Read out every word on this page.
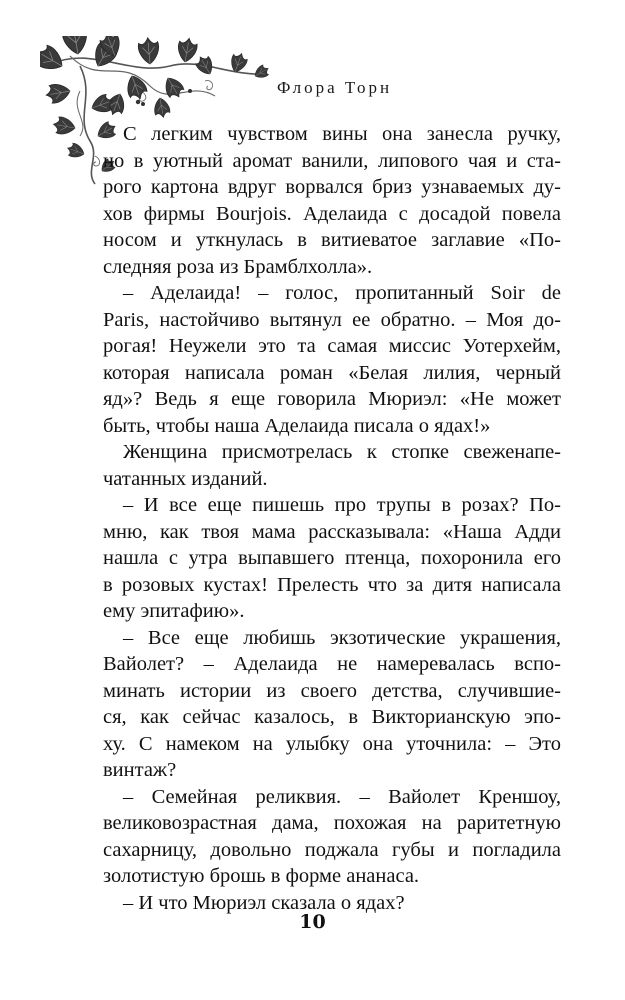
Флора Торн
С легким чувством вины она занесла ручку,
но в уютный аромат ванили, липового чая и ста-
рого картона вдруг ворвался бриз узнаваемых ду-
хов фирмы Bourjois. Аделаида с досадой повела
носом и уткнулась в витиеватое заглавие «По-
следняя роза из Брамблхолла».
– Аделаида! – голос, пропитанный Soir de
Paris, настойчиво вытянул ее обратно. – Моя до-
рогая! Неужели это та самая миссис Уотерхейм,
которая написала роман «Белая лилия, черный
яд»? Ведь я еще говорила Мюриэл: «Не может
быть, чтобы наша Аделаида писала о ядах!»
Женщина присмотрелась к стопке свеженапе-
чатанных изданий.
– И все еще пишешь про трупы в розах? По-
мню, как твоя мама рассказывала: «Наша Адди
нашла с утра выпавшего птенца, похоронила его
в розовых кустах! Прелесть что за дитя написала
ему эпитафию».
– Все еще любишь экзотические украшения,
Вайолет? – Аделаида не намеревалась вспо-
минать истории из своего детства, случившие-
ся, как сейчас казалось, в Викторианскую эпо-
ху. С намеком на улыбку она уточнила: – Это
винтаж?
– Семейная реликвия. – Вайолет Креншоу,
великовозрастная дама, похожая на раритетную
сахарницу, довольно поджала губы и погладила
золотистую брошь в форме ананаса.
– И что Мюриэл сказала о ядах?
10
